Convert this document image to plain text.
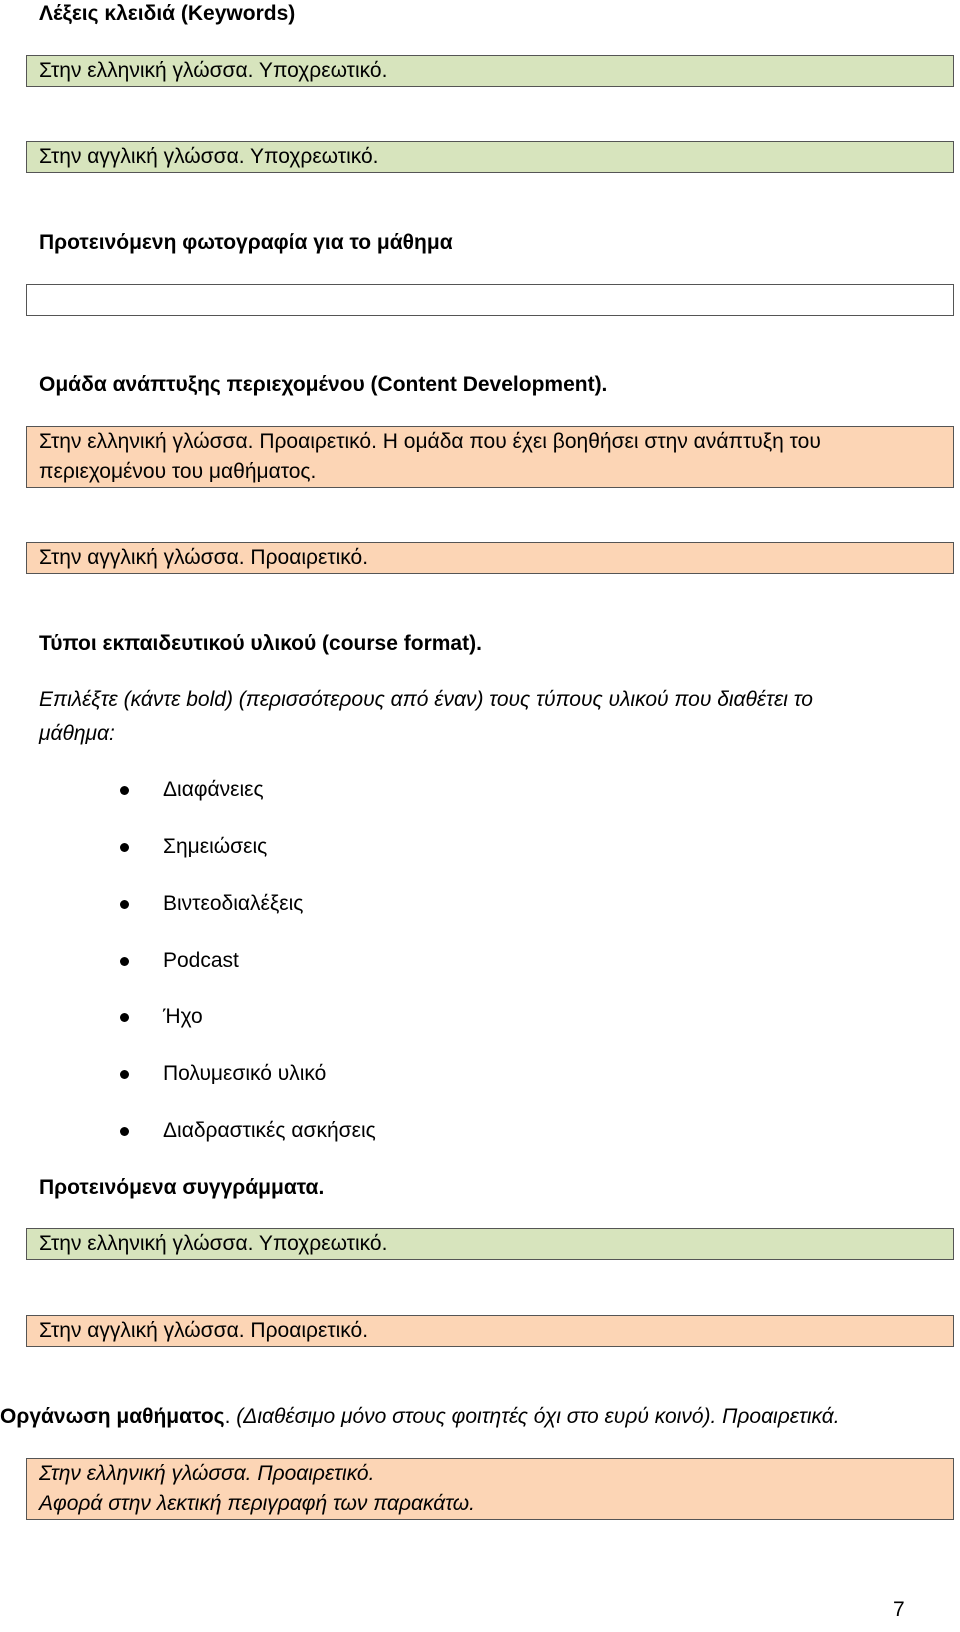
Λέξεις κλειδιά (Keywords)
Στην ελληνική γλώσσα. Υποχρεωτικό.
Στην αγγλική γλώσσα. Υποχρεωτικό.
Προτεινόμενη φωτογραφία για το μάθημα
Ομάδα ανάπτυξης περιεχομένου (Content Development).
Στην ελληνική γλώσσα. Προαιρετικό. Η ομάδα που έχει βοηθήσει στην ανάπτυξη του
περιεχομένου του μαθήματος.
Στην αγγλική γλώσσα. Προαιρετικό.
Τύποι εκπαιδευτικού υλικού (course format).
Επιλέξτε (κάντε bold) (περισσότερους από έναν) τους τύπους υλικού που διαθέτει το
μάθημα:
Διαφάνειες
Σημειώσεις
Βιντεοδιαλέξεις
Podcast
Ήχο
Πολυμεσικό υλικό
Διαδραστικές ασκήσεις
Προτεινόμενα συγγράμματα.
Στην ελληνική γλώσσα. Υποχρεωτικό.
Στην αγγλική γλώσσα. Προαιρετικό.
Οργάνωση μαθήματος. (Διαθέσιμο μόνο στους φοιτητές όχι στο ευρύ κοινό). Προαιρετικά.
Στην ελληνική γλώσσα. Προαιρετικό.
Αφορά στην λεκτική περιγραφή των παρακάτω.
7
